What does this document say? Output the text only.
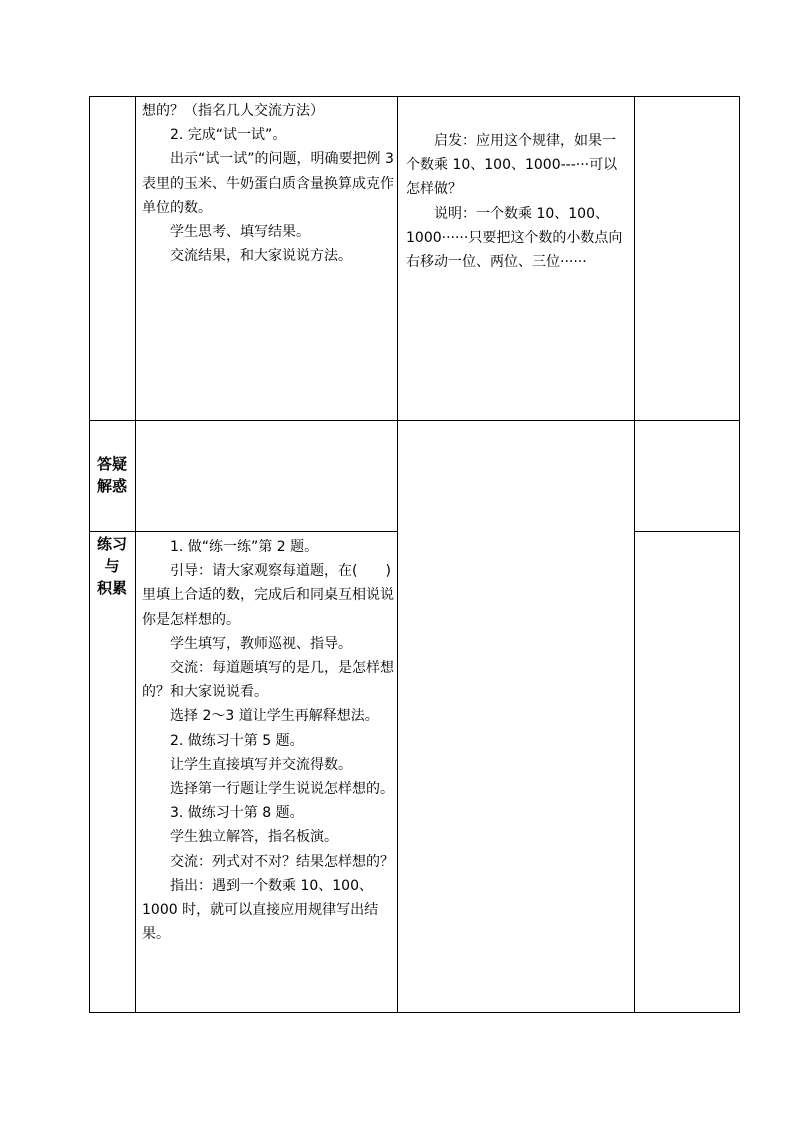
想的？（指名几人交流方法）

2. 完成“试一试”。

出示“试一试”的问题，明确要把例 3 表里的玉米、牛奶蛋白质含量换算成克作单位的数。

学生思考、填写结果。

交流结果，和大家说说方法。

启发：应用这个规律，如果一个数乘 10、100、1000---···可以怎样做？

说明：一个数乘 10、100、1000······只要把这个数的小数点向右移动一位、两位、三位······

答疑
解惑
练习
与
积累

1. 做“练一练”第 2 题。

引导：请大家观察每道题，在(　　)里填上合适的数，完成后和同桌互相说说你是怎样想的。

学生填写，教师巡视、指导。

交流：每道题填写的是几，是怎样想的？和大家说说看。

选择 2～3 道让学生再解释想法。

2. 做练习十第 5 题。

让学生直接填写并交流得数。

选择第一行题让学生说说怎样想的。

3. 做练习十第 8 题。

学生独立解答，指名板演。

交流：列式对不对？结果怎样想的？

指出：遇到一个数乘 10、100、1000 时，就可以直接应用规律写出结果。
